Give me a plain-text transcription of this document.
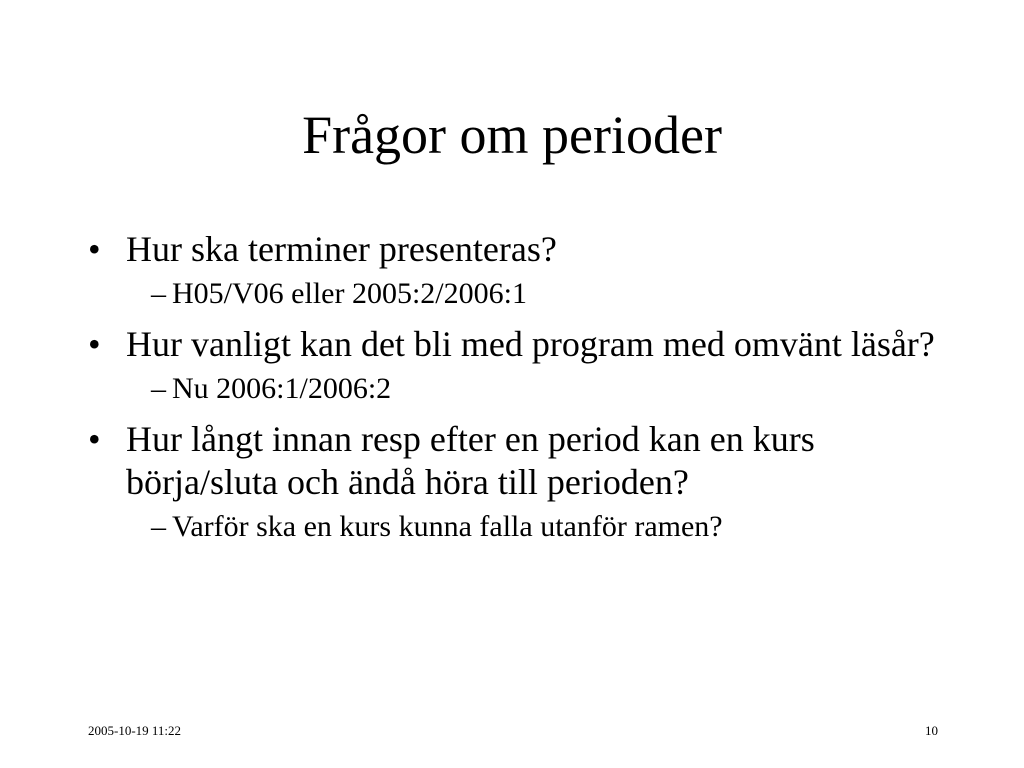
Frågor om perioder
• Hur ska terminer presenteras?
– H05/V06 eller 2005:2/2006:1
• Hur vanligt kan det bli med program med omvänt läsår?
– Nu 2006:1/2006:2
• Hur långt innan resp efter en period kan en kurs börja/sluta och ändå höra till perioden?
– Varför ska en kurs kunna falla utanför ramen?
2005-10-19 11:22	10
